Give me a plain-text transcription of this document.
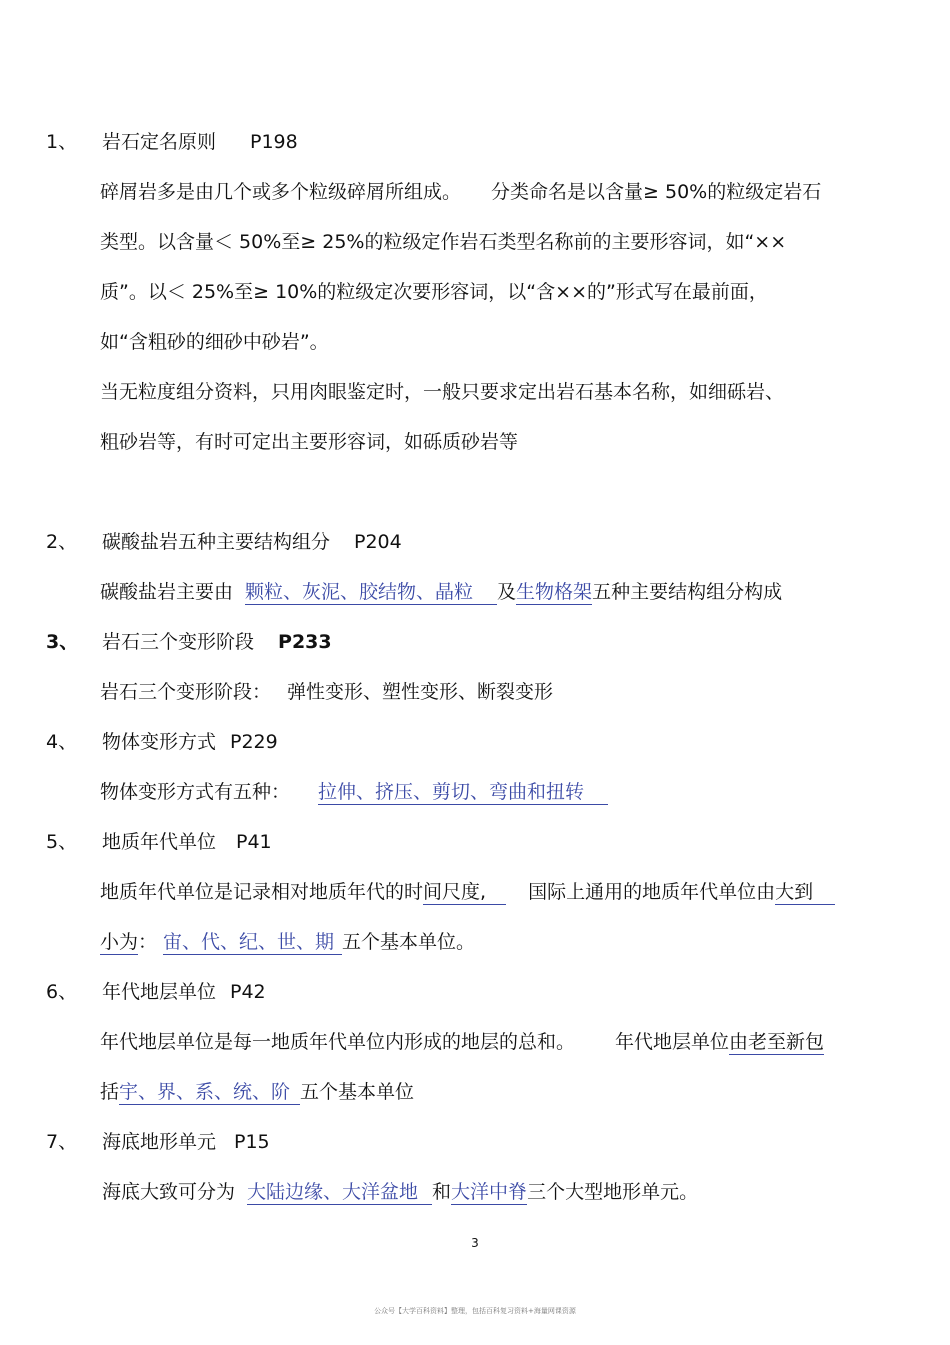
1、 岩石定名原则 P198
碎屑岩多是由几个或多个粒级碎屑所组成。 分类命名是以含量≥ 50%的粒级定岩石
类型。以含量＜ 50%至≥ 25%的粒级定作岩石类型名称前的主要形容词，如“××
质”。以＜ 25%至≥ 10%的粒级定次要形容词，以“含××的”形式写在最前面，
如“含粗砂的细砂中砂岩”。
当无粒度组分资料，只用肉眼鉴定时，一般只要求定出岩石基本名称，如细砾岩、
粗砂岩等，有时可定出主要形容词，如砾质砂岩等
2、 碳酸盐岩五种主要结构组分 P204
碳酸盐岩主要由 颗粒、灰泥、胶结物、晶粒 及生物格架五种主要结构组分构成
3、 岩石三个变形阶段 P233
岩石三个变形阶段： 弹性变形、塑性变形、断裂变形
4、 物体变形方式 P229
物体变形方式有五种： 拉伸、挤压、剪切、弯曲和扭转
5、 地质年代单位 P41
地质年代单位是记录相对地质年代的时间尺度, 国际上通用的地质年代单位由大到
小为： 宙、代、纪、世、期 五个基本单位。
6、 年代地层单位 P42
年代地层单位是每一地质年代单位内形成的地层的总和。 年代地层单位由老至新包
括宇、界、系、统、阶 五个基本单位
7、 海底地形单元 P15
海底大致可分为 大陆边缘、大洋盆地 和大洋中脊三个大型地形单元。
3
公众号【大学百科资料】整理，包括百科复习资料+海量网课资源
